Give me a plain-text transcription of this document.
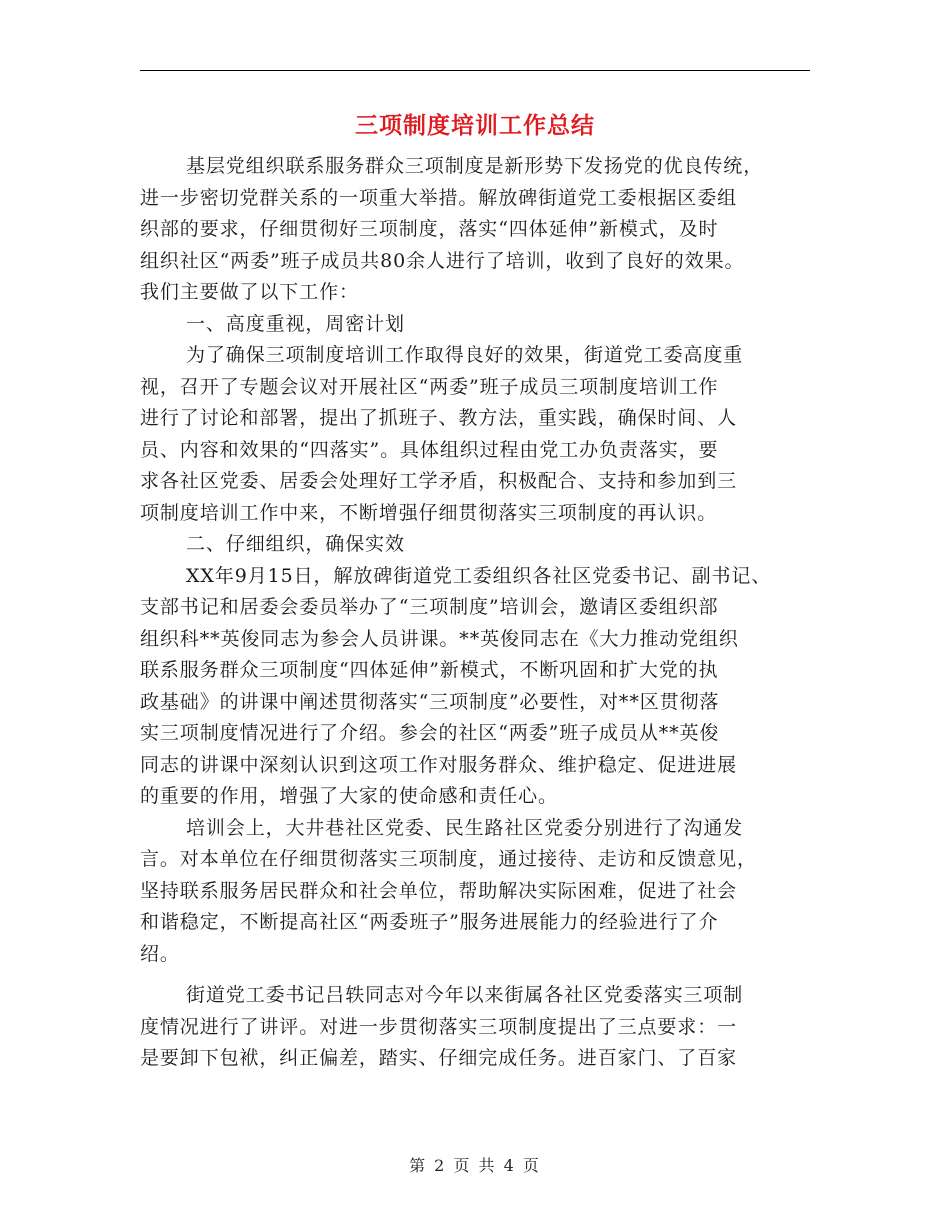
三项制度培训工作总结
基层党组织联系服务群众三项制度是新形势下发扬党的优良传统，
进一步密切党群关系的一项重大举措。解放碑街道党工委根据区委组
织部的要求，仔细贯彻好三项制度，落实“四体延伸”新模式，及时
组织社区“两委”班子成员共80余人进行了培训，收到了良好的效果。
我们主要做了以下工作：
一、高度重视，周密计划
为了确保三项制度培训工作取得良好的效果，街道党工委高度重
视，召开了专题会议对开展社区“两委”班子成员三项制度培训工作
进行了讨论和部署，提出了抓班子、教方法，重实践，确保时间、人
员、内容和效果的“四落实”。具体组织过程由党工办负责落实，要
求各社区党委、居委会处理好工学矛盾，积极配合、支持和参加到三
项制度培训工作中来，不断增强仔细贯彻落实三项制度的再认识。
二、仔细组织，确保实效
XX年9月15日，解放碑街道党工委组织各社区党委书记、副书记、
支部书记和居委会委员举办了“三项制度”培训会，邀请区委组织部
组织科**英俊同志为参会人员讲课。**英俊同志在《大力推动党组织
联系服务群众三项制度“四体延伸”新模式，不断巩固和扩大党的执
政基础》的讲课中阐述贯彻落实“三项制度”必要性，对**区贯彻落
实三项制度情况进行了介绍。参会的社区“两委”班子成员从**英俊
同志的讲课中深刻认识到这项工作对服务群众、维护稳定、促进进展
的重要的作用，增强了大家的使命感和责任心。
培训会上，大井巷社区党委、民生路社区党委分别进行了沟通发
言。对本单位在仔细贯彻落实三项制度，通过接待、走访和反馈意见，
坚持联系服务居民群众和社会单位，帮助解决实际困难，促进了社会
和谐稳定，不断提高社区“两委班子”服务进展能力的经验进行了介
绍。
街道党工委书记吕轶同志对今年以来街属各社区党委落实三项制
度情况进行了讲评。对进一步贯彻落实三项制度提出了三点要求：一
是要卸下包袱，纠正偏差，踏实、仔细完成任务。进百家门、了百家
第 2 页 共 4 页
